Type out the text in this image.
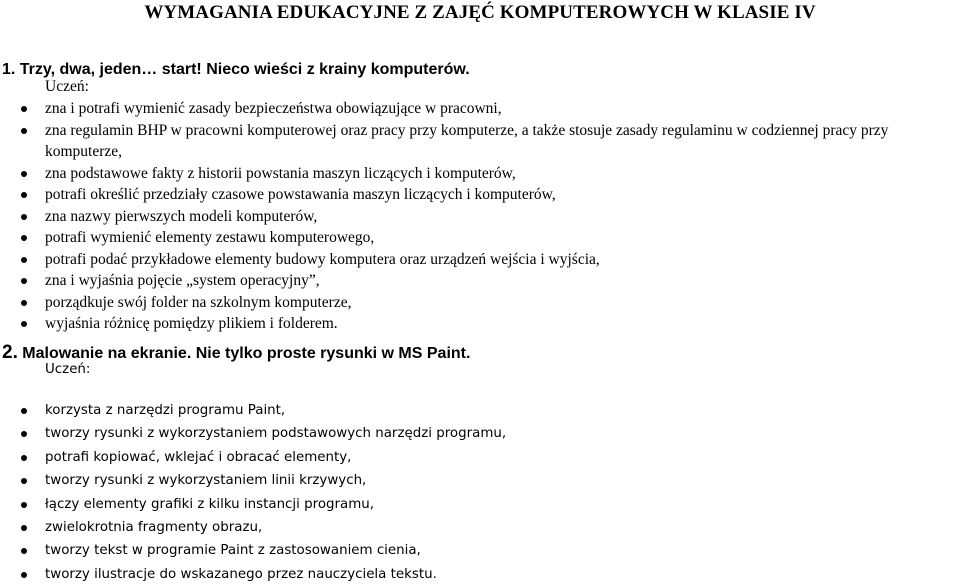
WYMAGANIA EDUKACYJNE Z ZAJĘĆ KOMPUTEROWYCH W KLASIE IV
1. Trzy, dwa, jeden… start! Nieco wieści z krainy komputerów.
Uczeń:
zna i potrafi wymienić zasady bezpieczeństwa obowiązujące w pracowni,
zna regulamin BHP w pracowni komputerowej oraz pracy przy komputerze, a także stosuje zasady regulaminu w codziennej pracy przy komputerze,
zna podstawowe fakty z historii powstania maszyn liczących i komputerów,
potrafi określić przedziały czasowe powstawania maszyn liczących i komputerów,
zna nazwy pierwszych modeli komputerów,
potrafi wymienić elementy zestawu komputerowego,
potrafi podać przykładowe elementy budowy komputera oraz urządzeń wejścia i wyjścia,
zna i wyjaśnia pojęcie „system operacyjny”,
porządkuje swój folder na szkolnym komputerze,
wyjaśnia różnicę pomiędzy plikiem i folderem.
2. Malowanie na ekranie. Nie tylko proste rysunki w MS Paint.
Uczeń:
korzysta z narzędzi programu Paint,
tworzy rysunki z wykorzystaniem podstawowych narzędzi programu,
potrafi kopiować, wklejać i obracać elementy,
tworzy rysunki z wykorzystaniem linii krzywych,
łączy elementy grafiki z kilku instancji programu,
zwielokrotnia fragmenty obrazu,
tworzy tekst w programie Paint z zastosowaniem cienia,
tworzy ilustracje do wskazanego przez nauczyciela tekstu.
